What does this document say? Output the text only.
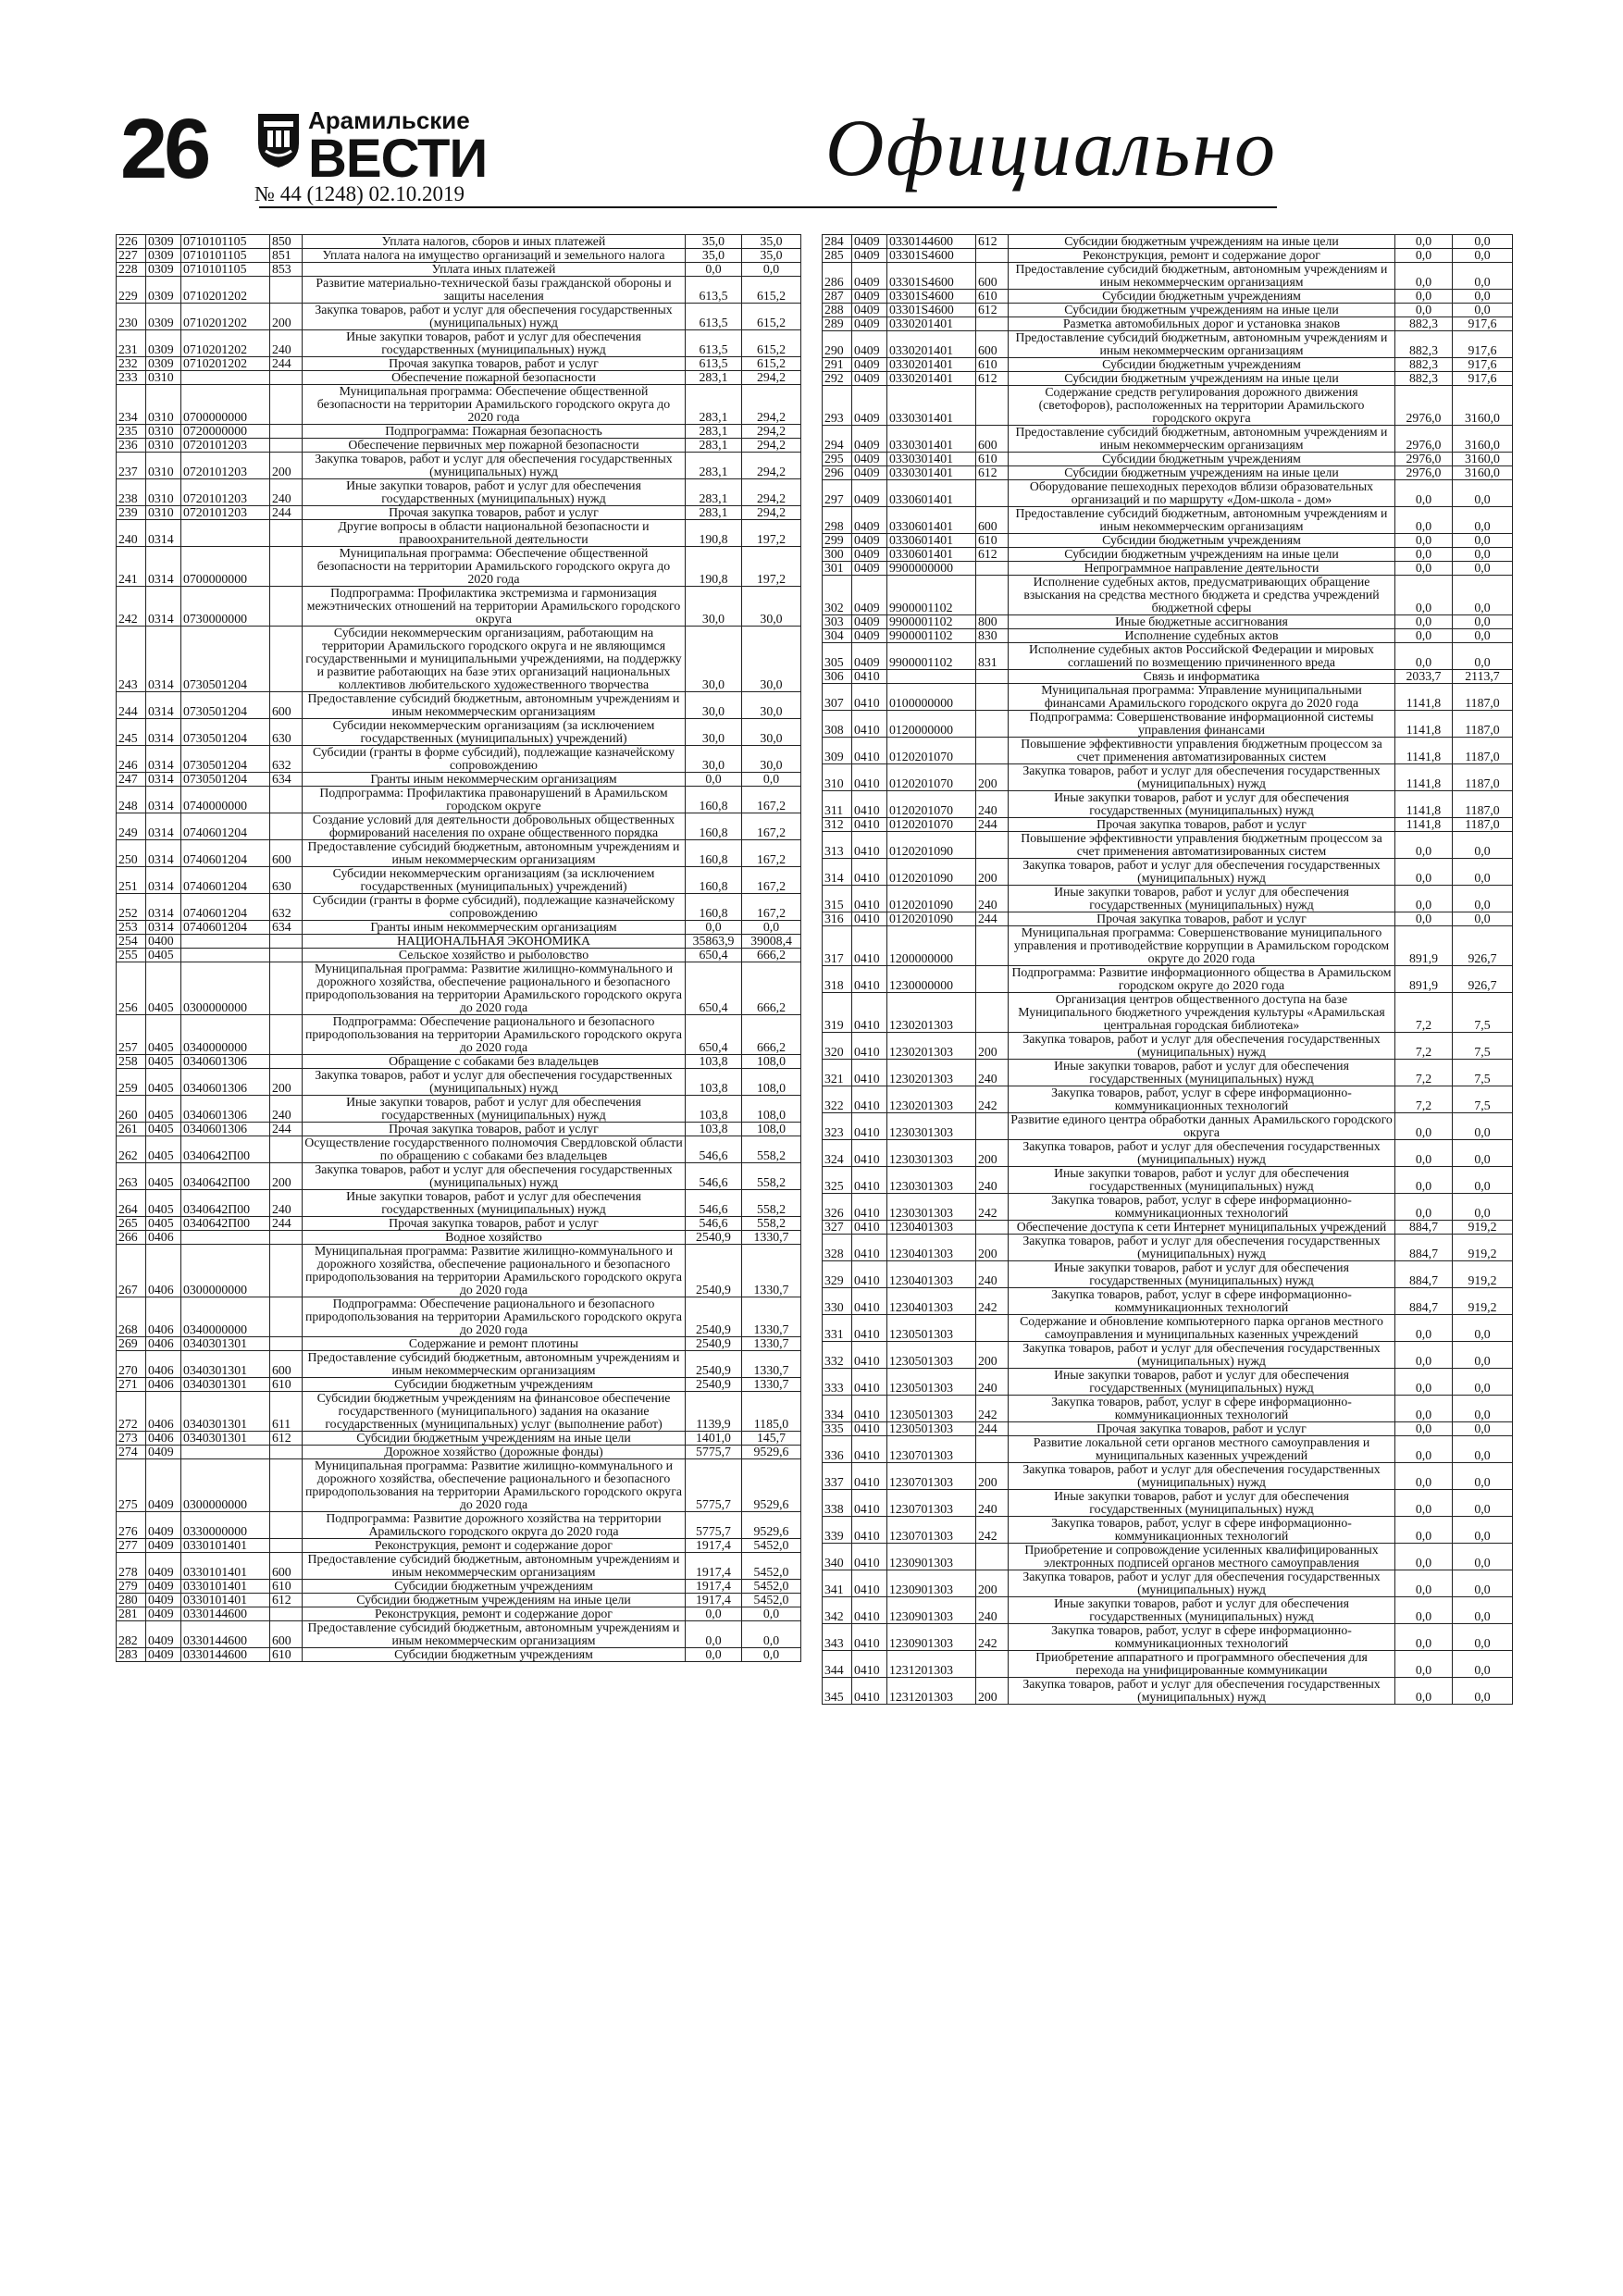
26	Арамильские
ВЕСТИ
№ 44 (1248) 02.10.2019
Официально
226	0309	0710101105	850	Уплата налогов, сборов и иных платежей	35,0	35,0
227	0309	0710101105	851	Уплата налога на имущество организаций и земельного налога	35,0	35,0
228	0309	0710101105	853	Уплата иных платежей	0,0	0,0
229	0309	0710201202		Развитие материально-технической базы гражданской обороны и защиты населения	613,5	615,2
230	0309	0710201202	200	Закупка товаров, работ и услуг для обеспечения государственных (муниципальных) нужд	613,5	615,2
231	0309	0710201202	240	Иные закупки товаров, работ и услуг для обеспечения государственных (муниципальных) нужд	613,5	615,2
232	0309	0710201202	244	Прочая закупка товаров, работ и услуг	613,5	615,2
233	0310			Обеспечение пожарной безопасности	283,1	294,2
234	0310	0700000000		Муниципальная программа: Обеспечение общественной безопасности на территории Арамильского городского округа до 2020 года	283,1	294,2
235	0310	0720000000		Подпрограмма: Пожарная безопасность	283,1	294,2
236	0310	0720101203		Обеспечение первичных мер пожарной безопасности	283,1	294,2
237	0310	0720101203	200	Закупка товаров, работ и услуг для обеспечения государственных (муниципальных) нужд	283,1	294,2
238	0310	0720101203	240	Иные закупки товаров, работ и услуг для обеспечения государственных (муниципальных) нужд	283,1	294,2
239	0310	0720101203	244	Прочая закупка товаров, работ и услуг	283,1	294,2
240	0314			Другие вопросы в области национальной безопасности и правоохранительной деятельности	190,8	197,2
241	0314	0700000000		Муниципальная программа: Обеспечение общественной безопасности на территории Арамильского городского округа до 2020 года	190,8	197,2
242	0314	0730000000		Подпрограмма: Профилактика экстремизма и гармонизация межэтнических отношений на территории Арамильского городского округа	30,0	30,0
243	0314	0730501204		Субсидии некоммерческим организациям, работающим на территории Арамильского городского округа и не являющимся государственными и муниципальными учреждениями, на поддержку и развитие работающих на базе этих организаций национальных коллективов любительского художественного творчества	30,0	30,0
244	0314	0730501204	600	Предоставление субсидий бюджетным, автономным учреждениям и иным некоммерческим организациям	30,0	30,0
245	0314	0730501204	630	Субсидии некоммерческим организациям (за исключением государственных (муниципальных) учреждений)	30,0	30,0
246	0314	0730501204	632	Субсидии (гранты в форме субсидий), подлежащие казначейскому сопровождению	30,0	30,0
247	0314	0730501204	634	Гранты иным некоммерческим организациям	0,0	0,0
248	0314	0740000000		Подпрограмма: Профилактика правонарушений в Арамильском городском округе	160,8	167,2
249	0314	0740601204		Создание условий для деятельности добровольных общественных формирований населения по охране общественного порядка	160,8	167,2
250	0314	0740601204	600	Предоставление субсидий бюджетным, автономным учреждениям и иным некоммерческим организациям	160,8	167,2
251	0314	0740601204	630	Субсидии некоммерческим организациям (за исключением государственных (муниципальных) учреждений)	160,8	167,2
252	0314	0740601204	632	Субсидии (гранты в форме субсидий), подлежащие казначейскому сопровождению	160,8	167,2
253	0314	0740601204	634	Гранты иным некоммерческим организациям	0,0	0,0
254	0400			НАЦИОНАЛЬНАЯ ЭКОНОМИКА	35863,9	39008,4
255	0405			Сельское хозяйство и рыболовство	650,4	666,2
256	0405	0300000000		Муниципальная программа: Развитие жилищно-коммунального и дорожного хозяйства, обеспечение рационального и безопасного природопользования на территории Арамильского городского округа до 2020 года	650,4	666,2
257	0405	0340000000		Подпрограмма: Обеспечение рационального и безопасного природопользования на территории Арамильского городского округа до 2020 года	650,4	666,2
258	0405	0340601306		Обращение с собаками без владельцев	103,8	108,0
259	0405	0340601306	200	Закупка товаров, работ и услуг для обеспечения государственных (муниципальных) нужд	103,8	108,0
260	0405	0340601306	240	Иные закупки товаров, работ и услуг для обеспечения государственных (муниципальных) нужд	103,8	108,0
261	0405	0340601306	244	Прочая закупка товаров, работ и услуг	103,8	108,0
262	0405	0340642П00		Осуществление государственного полномочия Свердловской области по обращению с собаками без владельцев	546,6	558,2
263	0405	0340642П00	200	Закупка товаров, работ и услуг для обеспечения государственных (муниципальных) нужд	546,6	558,2
264	0405	0340642П00	240	Иные закупки товаров, работ и услуг для обеспечения государственных (муниципальных) нужд	546,6	558,2
265	0405	0340642П00	244	Прочая закупка товаров, работ и услуг	546,6	558,2
266	0406			Водное хозяйство	2540,9	1330,7
267	0406	0300000000		Муниципальная программа: Развитие жилищно-коммунального и дорожного хозяйства, обеспечение рационального и безопасного природопользования на территории Арамильского городского округа до 2020 года	2540,9	1330,7
268	0406	0340000000		Подпрограмма: Обеспечение рационального и безопасного природопользования на территории Арамильского городского округа до 2020 года	2540,9	1330,7
269	0406	0340301301		Содержание и ремонт плотины	2540,9	1330,7
270	0406	0340301301	600	Предоставление субсидий бюджетным, автономным учреждениям и иным некоммерческим организациям	2540,9	1330,7
271	0406	0340301301	610	Субсидии бюджетным учреждениям	2540,9	1330,7
272	0406	0340301301	611	Субсидии бюджетным учреждениям на финансовое обеспечение государственного (муниципального) задания на оказание государственных (муниципальных) услуг (выполнение работ)	1139,9	1185,0
273	0406	0340301301	612	Субсидии бюджетным учреждениям на иные цели	1401,0	145,7
274	0409			Дорожное хозяйство (дорожные фонды)	5775,7	9529,6
275	0409	0300000000		Муниципальная программа: Развитие жилищно-коммунального и дорожного хозяйства, обеспечение рационального и безопасного природопользования на территории Арамильского городского округа до 2020 года	5775,7	9529,6
276	0409	0330000000		Подпрограмма: Развитие дорожного хозяйства на территории Арамильского городского округа до 2020 года	5775,7	9529,6
277	0409	0330101401		Реконструкция, ремонт и содержание дорог	1917,4	5452,0
278	0409	0330101401	600	Предоставление субсидий бюджетным, автономным учреждениям и иным некоммерческим организациям	1917,4	5452,0
279	0409	0330101401	610	Субсидии бюджетным учреждениям	1917,4	5452,0
280	0409	0330101401	612	Субсидии бюджетным учреждениям на иные цели	1917,4	5452,0
281	0409	0330144600		Реконструкция, ремонт и содержание дорог	0,0	0,0
282	0409	0330144600	600	Предоставление субсидий бюджетным, автономным учреждениям и иным некоммерческим организациям	0,0	0,0
283	0409	0330144600	610	Субсидии бюджетным учреждениям	0,0	0,0
284	0409	0330144600	612	Субсидии бюджетным учреждениям на иные цели	0,0	0,0
285	0409	03301S4600		Реконструкция, ремонт и содержание дорог	0,0	0,0
286	0409	03301S4600	600	Предоставление субсидий бюджетным, автономным учреждениям и иным некоммерческим организациям	0,0	0,0
287	0409	03301S4600	610	Субсидии бюджетным учреждениям	0,0	0,0
288	0409	03301S4600	612	Субсидии бюджетным учреждениям на иные цели	0,0	0,0
289	0409	0330201401		Разметка автомобильных дорог и установка знаков	882,3	917,6
290	0409	0330201401	600	Предоставление субсидий бюджетным, автономным учреждениям и иным некоммерческим организациям	882,3	917,6
291	0409	0330201401	610	Субсидии бюджетным учреждениям	882,3	917,6
292	0409	0330201401	612	Субсидии бюджетным учреждениям на иные цели	882,3	917,6
293	0409	0330301401		Содержание средств регулирования дорожного движения (светофоров), расположенных на территории Арамильского городского округа	2976,0	3160,0
294	0409	0330301401	600	Предоставление субсидий бюджетным, автономным учреждениям и иным некоммерческим организациям	2976,0	3160,0
295	0409	0330301401	610	Субсидии бюджетным учреждениям	2976,0	3160,0
296	0409	0330301401	612	Субсидии бюджетным учреждениям на иные цели	2976,0	3160,0
297	0409	0330601401		Оборудование пешеходных переходов вблизи образовательных организаций и по маршруту «Дом-школа - дом»	0,0	0,0
298	0409	0330601401	600	Предоставление субсидий бюджетным, автономным учреждениям и иным некоммерческим организациям	0,0	0,0
299	0409	0330601401	610	Субсидии бюджетным учреждениям	0,0	0,0
300	0409	0330601401	612	Субсидии бюджетным учреждениям на иные цели	0,0	0,0
301	0409	9900000000		Непрограммное направление деятельности	0,0	0,0
302	0409	9900001102		Исполнение судебных актов, предусматривающих обращение взыскания на средства местного бюджета и средства учреждений бюджетной сферы	0,0	0,0
303	0409	9900001102	800	Иные бюджетные ассигнования	0,0	0,0
304	0409	9900001102	830	Исполнение судебных актов	0,0	0,0
305	0409	9900001102	831	Исполнение судебных актов Российской Федерации и мировых соглашений по возмещению причиненного вреда	0,0	0,0
306	0410			Связь и информатика	2033,7	2113,7
307	0410	0100000000		Муниципальная программа: Управление муниципальными финансами Арамильского городского округа до 2020 года	1141,8	1187,0
308	0410	0120000000		Подпрограмма: Совершенствование информационной системы управления финансами	1141,8	1187,0
309	0410	0120201070		Повышение эффективности управления бюджетным процессом за счет применения автоматизированных систем	1141,8	1187,0
310	0410	0120201070	200	Закупка товаров, работ и услуг для обеспечения государственных (муниципальных) нужд	1141,8	1187,0
311	0410	0120201070	240	Иные закупки товаров, работ и услуг для обеспечения государственных (муниципальных) нужд	1141,8	1187,0
312	0410	0120201070	244	Прочая закупка товаров, работ и услуг	1141,8	1187,0
313	0410	0120201090		Повышение эффективности управления бюджетным процессом за счет применения автоматизированных систем	0,0	0,0
314	0410	0120201090	200	Закупка товаров, работ и услуг для обеспечения государственных (муниципальных) нужд	0,0	0,0
315	0410	0120201090	240	Иные закупки товаров, работ и услуг для обеспечения государственных (муниципальных) нужд	0,0	0,0
316	0410	0120201090	244	Прочая закупка товаров, работ и услуг	0,0	0,0
317	0410	1200000000		Муниципальная программа: Совершенствование муниципального управления и противодействие коррупции в Арамильском городском округе до 2020 года	891,9	926,7
318	0410	1230000000		Подпрограмма: Развитие информационного общества в Арамильском городском округе до 2020 года	891,9	926,7
319	0410	1230201303		Организация центров общественного доступа на базе Муниципального бюджетного учреждения культуры «Арамильская центральная городская библиотека»	7,2	7,5
320	0410	1230201303	200	Закупка товаров, работ и услуг для обеспечения государственных (муниципальных) нужд	7,2	7,5
321	0410	1230201303	240	Иные закупки товаров, работ и услуг для обеспечения государственных (муниципальных) нужд	7,2	7,5
322	0410	1230201303	242	Закупка товаров, работ, услуг в сфере информационно-коммуникационных технологий	7,2	7,5
323	0410	1230301303		Развитие единого центра обработки данных Арамильского городского округа	0,0	0,0
324	0410	1230301303	200	Закупка товаров, работ и услуг для обеспечения государственных (муниципальных) нужд	0,0	0,0
325	0410	1230301303	240	Иные закупки товаров, работ и услуг для обеспечения государственных (муниципальных) нужд	0,0	0,0
326	0410	1230301303	242	Закупка товаров, работ, услуг в сфере информационно-коммуникационных технологий	0,0	0,0
327	0410	1230401303		Обеспечение доступа к сети Интернет муниципальных учреждений	884,7	919,2
328	0410	1230401303	200	Закупка товаров, работ и услуг для обеспечения государственных (муниципальных) нужд	884,7	919,2
329	0410	1230401303	240	Иные закупки товаров, работ и услуг для обеспечения государственных (муниципальных) нужд	884,7	919,2
330	0410	1230401303	242	Закупка товаров, работ, услуг в сфере информационно-коммуникационных технологий	884,7	919,2
331	0410	1230501303		Содержание и обновление компьютерного парка органов местного самоуправления и муниципальных казенных учреждений	0,0	0,0
332	0410	1230501303	200	Закупка товаров, работ и услуг для обеспечения государственных (муниципальных) нужд	0,0	0,0
333	0410	1230501303	240	Иные закупки товаров, работ и услуг для обеспечения государственных (муниципальных) нужд	0,0	0,0
334	0410	1230501303	242	Закупка товаров, работ, услуг в сфере информационно-коммуникационных технологий	0,0	0,0
335	0410	1230501303	244	Прочая закупка товаров, работ и услуг	0,0	0,0
336	0410	1230701303		Развитие локальной сети органов местного самоуправления и муниципальных казенных учреждений	0,0	0,0
337	0410	1230701303	200	Закупка товаров, работ и услуг для обеспечения государственных (муниципальных) нужд	0,0	0,0
338	0410	1230701303	240	Иные закупки товаров, работ и услуг для обеспечения государственных (муниципальных) нужд	0,0	0,0
339	0410	1230701303	242	Закупка товаров, работ, услуг в сфере информационно-коммуникационных технологий	0,0	0,0
340	0410	1230901303		Приобретение и сопровождение усиленных квалифицированных электронных подписей органов местного самоуправления	0,0	0,0
341	0410	1230901303	200	Закупка товаров, работ и услуг для обеспечения государственных (муниципальных) нужд	0,0	0,0
342	0410	1230901303	240	Иные закупки товаров, работ и услуг для обеспечения государственных (муниципальных) нужд	0,0	0,0
343	0410	1230901303	242	Закупка товаров, работ, услуг в сфере информационно-коммуникационных технологий	0,0	0,0
344	0410	1231201303		Приобретение аппаратного и программного обеспечения для перехода на унифицированные коммуникации	0,0	0,0
345	0410	1231201303	200	Закупка товаров, работ и услуг для обеспечения государственных (муниципальных) нужд	0,0	0,0
